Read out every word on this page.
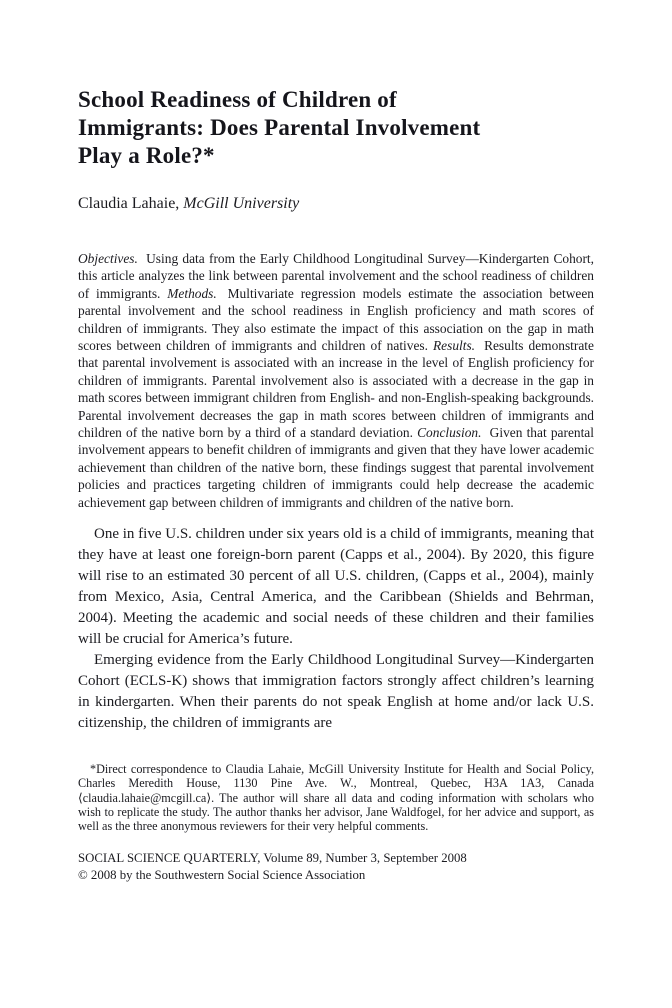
School Readiness of Children of
Immigrants: Does Parental Involvement
Play a Role?*

Claudia Lahaie, McGill University

Objectives. Using data from the Early Childhood Longitudinal Survey—Kindergarten Cohort, this article analyzes the link between parental involvement and the school readiness of children of immigrants. Methods. Multivariate regression models estimate the association between parental involvement and the school readiness in English proficiency and math scores of children of immigrants. They also estimate the impact of this association on the gap in math scores between children of immigrants and children of natives. Results. Results demonstrate that parental involvement is associated with an increase in the level of English proficiency for children of immigrants. Parental involvement also is associated with a decrease in the gap in math scores between immigrant children from English- and non-English-speaking backgrounds. Parental involvement decreases the gap in math scores between children of immigrants and children of the native born by a third of a standard deviation. Conclusion. Given that parental involvement appears to benefit children of immigrants and given that they have lower academic achievement than children of the native born, these findings suggest that parental involvement policies and practices targeting children of immigrants could help decrease the academic achievement gap between children of immigrants and children of the native born.

One in five U.S. children under six years old is a child of immigrants, meaning that they have at least one foreign-born parent (Capps et al., 2004). By 2020, this figure will rise to an estimated 30 percent of all U.S. children, (Capps et al., 2004), mainly from Mexico, Asia, Central America, and the Caribbean (Shields and Behrman, 2004). Meeting the academic and social needs of these children and their families will be crucial for America’s future.

Emerging evidence from the Early Childhood Longitudinal Survey—Kindergarten Cohort (ECLS-K) shows that immigration factors strongly affect children’s learning in kindergarten. When their parents do not speak English at home and/or lack U.S. citizenship, the children of immigrants are

*Direct correspondence to Claudia Lahaie, McGill University Institute for Health and Social Policy, Charles Meredith House, 1130 Pine Ave. W., Montreal, Quebec, H3A 1A3, Canada ⟨claudia.lahaie@mcgill.ca⟩. The author will share all data and coding information with scholars who wish to replicate the study. The author thanks her advisor, Jane Waldfogel, for her advice and support, as well as the three anonymous reviewers for their very helpful comments.

SOCIAL SCIENCE QUARTERLY, Volume 89, Number 3, September 2008
© 2008 by the Southwestern Social Science Association
